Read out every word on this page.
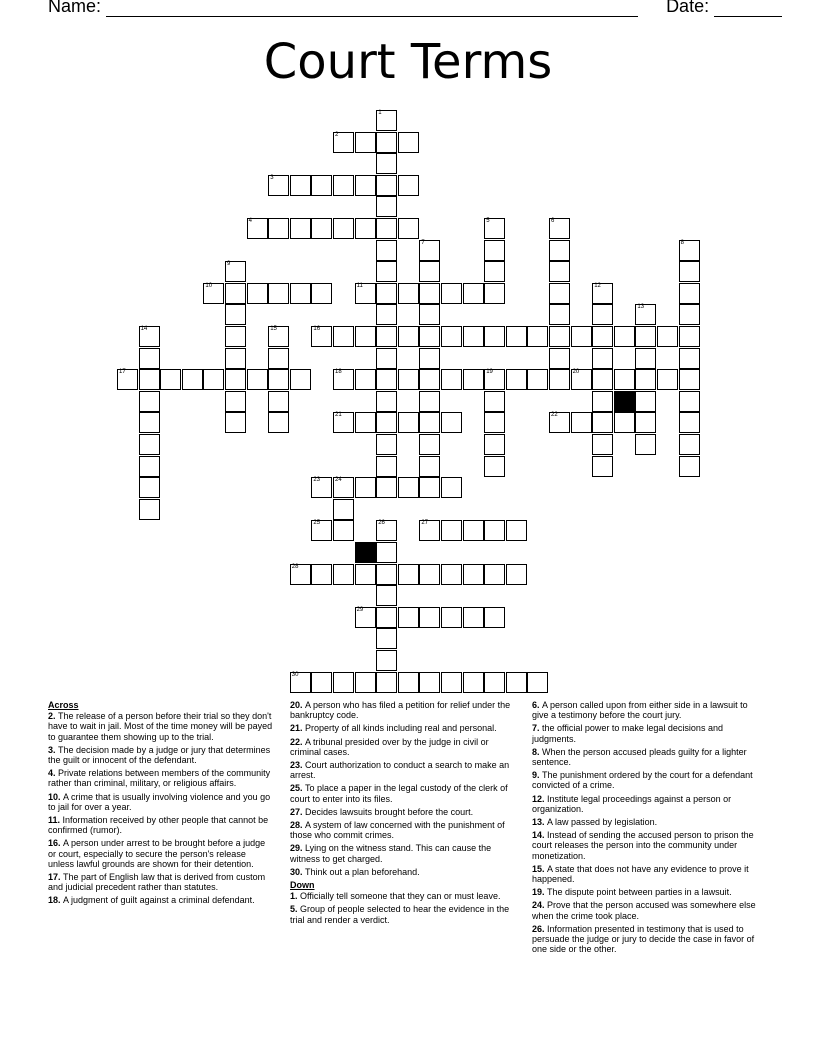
Name:	Date:
Court Terms
1
2
3
4	5	6
7	8
9
10	11	12
13
14	15	16
17	18	19	20
21	22
23 24
25	26	27
28
29
30
Across
2. The release of a person before their trial so they don't have to wait in jail. Most of the time money will be payed to guarantee them showing up to the trial.
3. The decision made by a judge or jury that determines the guilt or innocent of the defendant.
4. Private relations between members of the community rather than criminal, military, or religious affairs.
10. A crime that is usually involving violence and you go to jail for over a year.
11. Information received by other people that cannot be confirmed (rumor).
16. A person under arrest to be brought before a judge or court, especially to secure the person's release unless lawful grounds are shown for their detention.
17. The part of English law that is derived from custom and judicial precedent rather than statutes.
18. A judgment of guilt against a criminal defendant.
20. A person who has filed a petition for relief under the bankruptcy code.
21. Property of all kinds including real and personal.
22. A tribunal presided over by the judge in civil or criminal cases.
23. Court authorization to conduct a search to make an arrest.
25. To place a paper in the legal custody of the clerk of court to enter into its files.
27. Decides lawsuits brought before the court.
28. A system of law concerned with the punishment of those who commit crimes.
29. Lying on the witness stand. This can cause the witness to get charged.
30. Think out a plan beforehand.
Down
1. Officially tell someone that they can or must leave.
5. Group of people selected to hear the evidence in the trial and render a verdict.
6. A person called upon from either side in a lawsuit to give a testimony before the court jury.
7. the official power to make legal decisions and judgments.
8. When the person accused pleads guilty for a lighter sentence.
9. The punishment ordered by the court for a defendant convicted of a crime.
12. Institute legal proceedings against a person or organization.
13. A law passed by legislation.
14. Instead of sending the accused person to prison the court releases the person into the community under monetization.
15. A state that does not have any evidence to prove it happened.
19. The dispute point between parties in a lawsuit.
24. Prove that the person accused was somewhere else when the crime took place.
26. Information presented in testimony that is used to persuade the judge or jury to decide the case in favor of one side or the other.
